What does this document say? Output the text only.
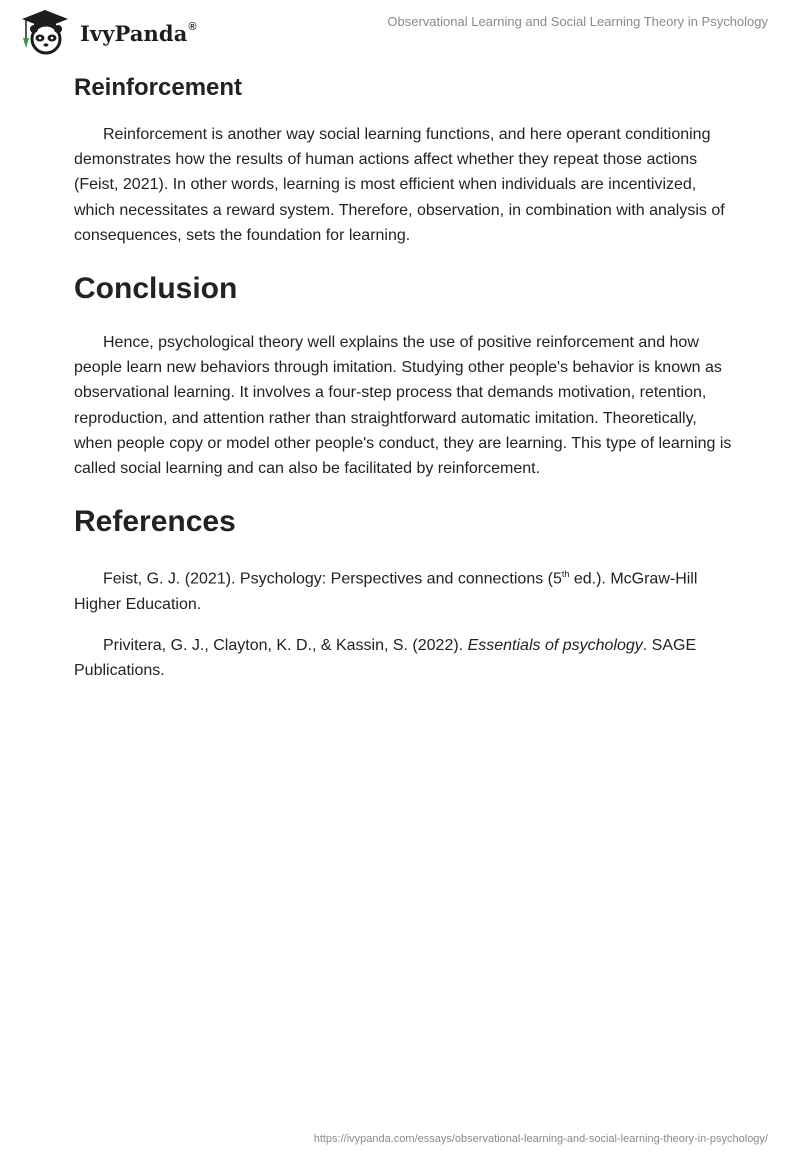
IvyPanda®	Observational Learning and Social Learning Theory in Psychology
Reinforcement

Reinforcement is another way social learning functions, and here operant conditioning demonstrates how the results of human actions affect whether they repeat those actions (Feist, 2021). In other words, learning is most efficient when individuals are incentivized, which necessitates a reward system. Therefore, observation, in combination with analysis of consequences, sets the foundation for learning.

Conclusion

Hence, psychological theory well explains the use of positive reinforcement and how people learn new behaviors through imitation. Studying other people's behavior is known as observational learning. It involves a four-step process that demands motivation, retention, reproduction, and attention rather than straightforward automatic imitation. Theoretically, when people copy or model other people's conduct, they are learning. This type of learning is called social learning and can also be facilitated by reinforcement.

References

Feist, G. J. (2021). Psychology: Perspectives and connections (5th ed.). McGraw-Hill Higher Education.

Privitera, G. J., Clayton, K. D., & Kassin, S. (2022). Essentials of psychology. SAGE Publications.

https://ivypanda.com/essays/observational-learning-and-social-learning-theory-in-psychology/
